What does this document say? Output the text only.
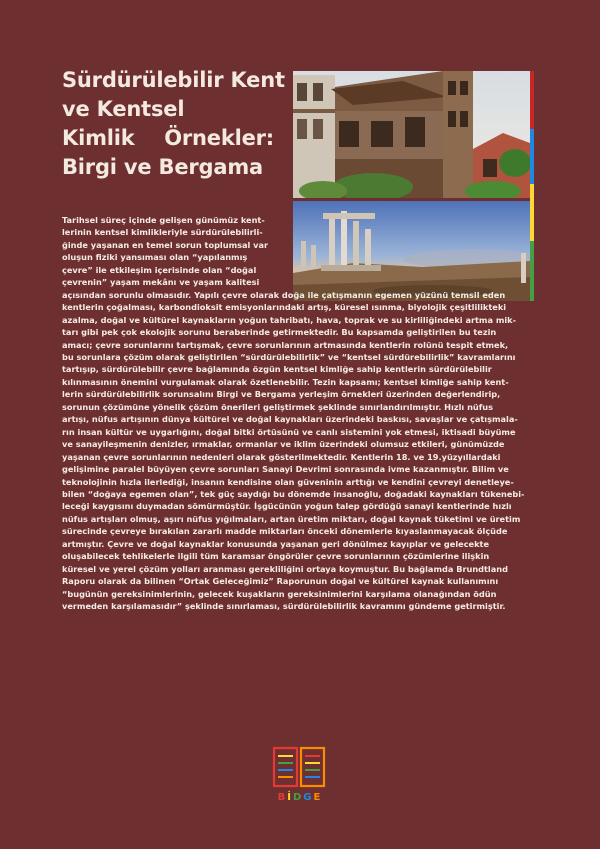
Sürdürülebilir Kent
ve Kentsel
Kimlik Örnekler:
Birgi ve Bergama
Tarihsel süreç içinde gelişen günümüz kent-
lerinin kentsel kimlikleriyle sürdürülebilirli-
ğinde yaşanan en temel sorun toplumsal var
oluşun fiziki yansıması olan “yapılanmış
çevre” ile etkileşim içerisinde olan “doğal
çevrenin” yaşam mekânı ve yaşam kalitesi
açısından sorunlu olmasıdır. Yapılı çevre olarak doğa ile çatışmanın egemen yüzünü temsil eden
kentlerin çoğalması, karbondioksit emisyonlarındaki artış, küresel ısınma, biyolojik çeşitlilikteki
azalma, doğal ve kültürel kaynakların yoğun tahribatı, hava, toprak ve su kirliliğindeki artma mik-
tarı gibi pek çok ekolojik sorunu beraberinde getirmektedir. Bu kapsamda geliştirilen bu tezin
amacı; çevre sorunlarını tartışmak, çevre sorunlarının artmasında kentlerin rolünü tespit etmek,
bu sorunlara çözüm olarak geliştirilen “sürdürülebilirlik” ve “kentsel sürdürebilirlik” kavramlarını
tartışıp, sürdürülebilir çevre bağlamında özgün kentsel kimliğe sahip kentlerin sürdürülebilir
kılınmasının önemini vurgulamak olarak özetlenebilir. Tezin kapsamı; kentsel kimliğe sahip kent-
lerin sürdürülebilirlik sorunsalını Birgi ve Bergama yerleşim örnekleri üzerinden değerlendirip,
sorunun çözümüne yönelik çözüm önerileri geliştirmek şeklinde sınırlandırılmıştır. Hızlı nüfus
artışı, nüfus artışının dünya kültürel ve doğal kaynakları üzerindeki baskısı, savaşlar ve çatışmala-
rın insan kültür ve uygarlığını, doğal bitki örtüsünü ve canlı sistemini yok etmesi, iktisadi büyüme
ve sanayileşmenin denizler, ırmaklar, ormanlar ve iklim üzerindeki olumsuz etkileri, günümüzde
yaşanan çevre sorunlarının nedenleri olarak gösterilmektedir. Kentlerin 18. ve 19.yüzyıllardaki
gelişimine paralel büyüyen çevre sorunları Sanayi Devrimi sonrasında ivme kazanmıştır. Bilim ve
teknolojinin hızla ilerlediği, insanın kendisine olan güveninin arttığı ve kendini çevreyi denetleye-
bilen “doğaya egemen olan”, tek güç saydığı bu dönemde insanoğlu, doğadaki kaynakları tükenebi-
leceği kaygısını duymadan sömürmüştür. İşgücünün yoğun talep gördüğü sanayi kentlerinde hızlı
nüfus artışları olmuş, aşırı nüfus yığılmaları, artan üretim miktarı, doğal kaynak tüketimi ve üretim
sürecinde çevreye bırakılan zararlı madde miktarları önceki dönemlerle kıyaslanmayacak ölçüde
artmıştır. Çevre ve doğal kaynaklar konusunda yaşanan geri dönülmez kayıplar ve gelecekte
oluşabilecek tehlikelerle ilgili tüm karamsar öngörüler çevre sorunlarının çözümlerine ilişkin
küresel ve yerel çözüm yolları aranması gerekliliğini ortaya koymuştur. Bu bağlamda Brundtland
Raporu olarak da bilinen “Ortak Geleceğimiz” Raporunun doğal ve kültürel kaynak kullanımını
“bugünün gereksinimlerinin, gelecek kuşakların gereksinimlerini karşılama olanağından ödün
vermeden karşılamasıdır” şeklinde sınırlaması, sürdürülebilirlik kavramını gündeme getirmiştir.
BİDGE
